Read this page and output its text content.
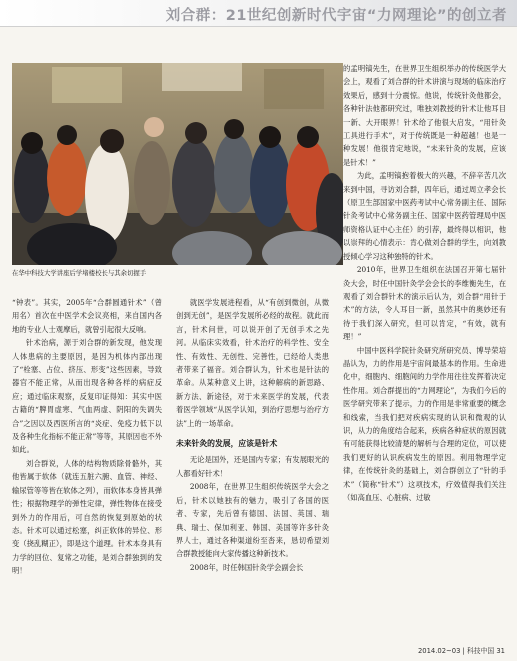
刘合群：21世纪创新时代宇宙“力网理论”的创立者
在华中科技大学讲座后学堵楼校长与其余切握手

“钟表”。其实，2005年“合群圆通针术”（曾用名）首次在中医学术会议亮相，来自国内各地的专业人士观摩后，就曾引起很大反响。

针术治病，源于刘合群的新发现，他发现人体患病的主要原因，是因为机体内部出现了“栓塞、占位、挤压、形变”这些因素，导致器官不能正常，从而出现各种各样的病症反应；通过临床观察，反复印证得知：其实中医古籍的“脾胃虚寒、气血两虚、阴阳的失调失合”之因以及西医所言的“炎症、免疫力低下以及各种生化指标不能正常”等等，其原因也不外如此。

刘合群说，人体的结构物质除骨骼外，其他皆属于软体（就连五脏六腑、血管、神经、输尿管等等皆在软体之列），而软体本身皆具弹性；根据物理学的弹性定律，弹性物体在接受到外力的作用后，可自然的恢复到原始的状态。针术可以通过松塞，纠正软体的异位、形变（挠乱糊正），即是这个道理。针术本身具有力学的回位、复常之功能，是刘合群独到的发明！

就医学发展进程看，从“有创到微创，从微创到无创”，是医学发展所必经的故程。就此而言，针术问世，可以说开创了无创手术之先河。从临床实效看，针术治疗的科学性、安全性、有效性、无创性、完善性，已经给人类患者带来了福音。刘合群认为，针术也是针法的革命。从某种意义上讲，这种解病的新思路、新方法、新途径，对于未来医学的发展，代表着医学领域“从医学认知，到治疗思想与治疗方法”上的一场革命。

未来针灸的发展，应该是针术

无论是国外，还是国内专家；有发展眼光的人都看好针术！

2008年，在世界卫生组织传统医学大会之后，针术以她独有的魅力，吸引了各国的医者、专家，先后曾有德国、法国、英国、瑞典、瑞士、保加利亚、韩国、美国等许多针灸界人士，通过各种渠道纷至沓来，恳切希望刘合群教授能向大家传播这种新技术。

2008年，时任韩国针灸学会副会长

的孟明镐先生，在世界卫生组织举办的传统医学大会上，观看了刘合群的针术讲演与现场的临床治疗效果后，感到十分震惊。他说，传统针灸他都会，各种针法他都研究过，唯独刘教授的针术让他耳目一新、大开眼界！针术给了他很大启发，“用针灸工具进行手术”，对于传统既是一种超越！也是一种发展！他很肯定地说，“未来针灸的发展，应该是针术！”

为此，孟明镐抱着极大的兴趣，不辞辛苦几次来到中国，寻访刘合群，四年后，通过周立孝会长（原卫生部国家中医药考试中心常务副主任、国际针灸考试中心常务副主任、国家中医药管理局中医师资格认证中心主任）的引荐，最终得以相识，他以崇拜的心情表示：肯心做刘合群的学生，向刘教授倾心学习这种独特的针术。

2010年，世界卫生组织在法国召开第七届针灸大会，时任中国针灸学会会长的李维衡先生，在观看了刘合群针术的演示后认为，刘合群“用针于术”的方法，令人耳目一新，虽然其中的奥妙还有待于我们深入研究，但可以肯定，“有效，就有理！”

中国中医科学院针灸研究所研究员、博导荣培晶认为，力的作用是宇宙间最基本的作用。生命进化中，细胞内、细胞间的力学作用往往发挥着决定性作用。刘合群提出的“力网理论”，为我们今后的医学研究带来了提示，力的作用是非常重要的概念和线索，当我们把对疾病实现的认识和微观的认识，从力的角度结合起来，疾病各种症状的原因就有可能获得比较清楚的解析与合理的定位，可以使我们更好的认识疾病发生的原因。利用物理学定律，在传统针灸的基础上，刘合群创立了“针的手术”（简称“针术”）这项技术，疗效值得我们关注（如高血压、心脏病、过敏

2014.02~03 | 科技中国 31
